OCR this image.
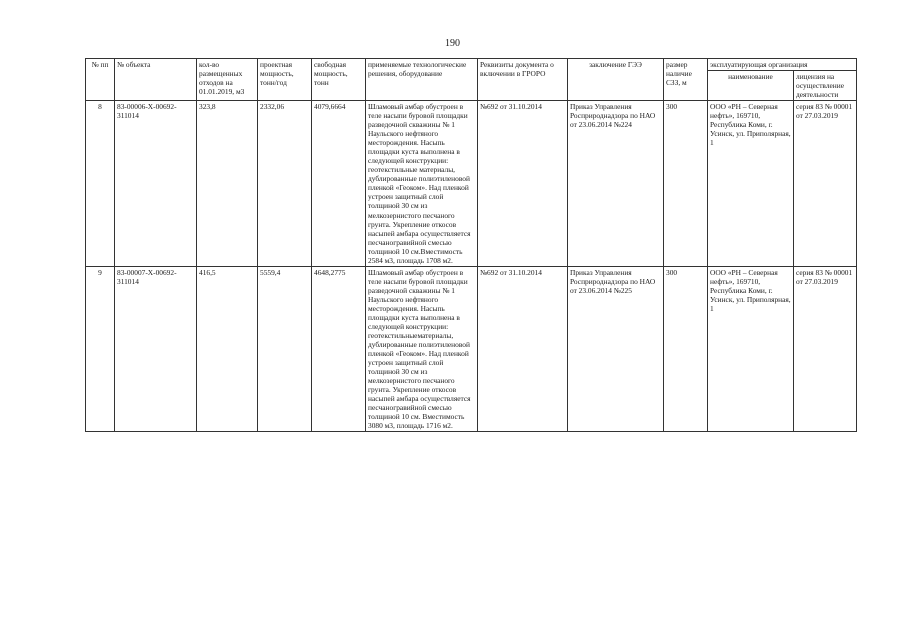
190
№ пп	№ объекта	кол-во размещенных отходов на 01.01.2019, м3	проектная мощность, тонн/год	свободная мощность, тонн	применяемые технологические решения, оборудование	Реквизиты документа о включении в ГРОРО	заключение ГЭЭ	размер наличие СЗЗ, м	эксплуатирующая организация	
									наименование	лицензия на осуществление деятельности
8	83-00006-Х-00692-311014	323,8	2332,06	4079,6664	Шламовый амбар обустроен в теле насыпи буровой площадки разведочной скважины № 1 Наульского нефтяного месторождения. Насыпь площадки куста выполнена в следующей конструкции: геотекстильные материалы, дублированные полиэтиленовой пленкой «Геоком». Над пленкой устроен защитный слой толщиной 30 см из мелкозернистого песчаного грунта. Укрепление откосов насыпей амбара осуществляется песчаногравийной смесью толщиной 10 см.Вместимость 2584 м3, площадь 1708 м2.	№692 от 31.10.2014	Приказ Управления Росприроднадзора по НАО от 23.06.2014 №224	300	ООО «РН – Северная нефть», 169710, Республика Коми, г. Усинск, ул. Приполярная, 1	серия 83 № 00001 от 27.03.2019
9	83-00007-Х-00692-311014	416,5	5559,4	4648,2775	Шламовый амбар обустроен в теле насыпи буровой площадки разведочной скважины № 1 Наульского нефтяного месторождения. Насыпь площадки куста выполнена в следующей конструкции: геотекстильныематериалы, дублированные полиэтиленовой пленкой «Геоком». Над пленкой устроен защитный слой толщиной 30 см из мелкозернистого песчаного грунта. Укрепление откосов насыпей амбара осуществляется песчаногравийной смесью толщиной 10 см. Вместимость 3080 м3, площадь 1716 м2.	№692 от 31.10.2014	Приказ Управления Росприроднадзора по НАО от 23.06.2014 №225	300	ООО «РН – Северная нефть», 169710, Республика Коми, г. Усинск, ул. Приполярная, 1	серия 83 № 00001 от 27.03.2019
